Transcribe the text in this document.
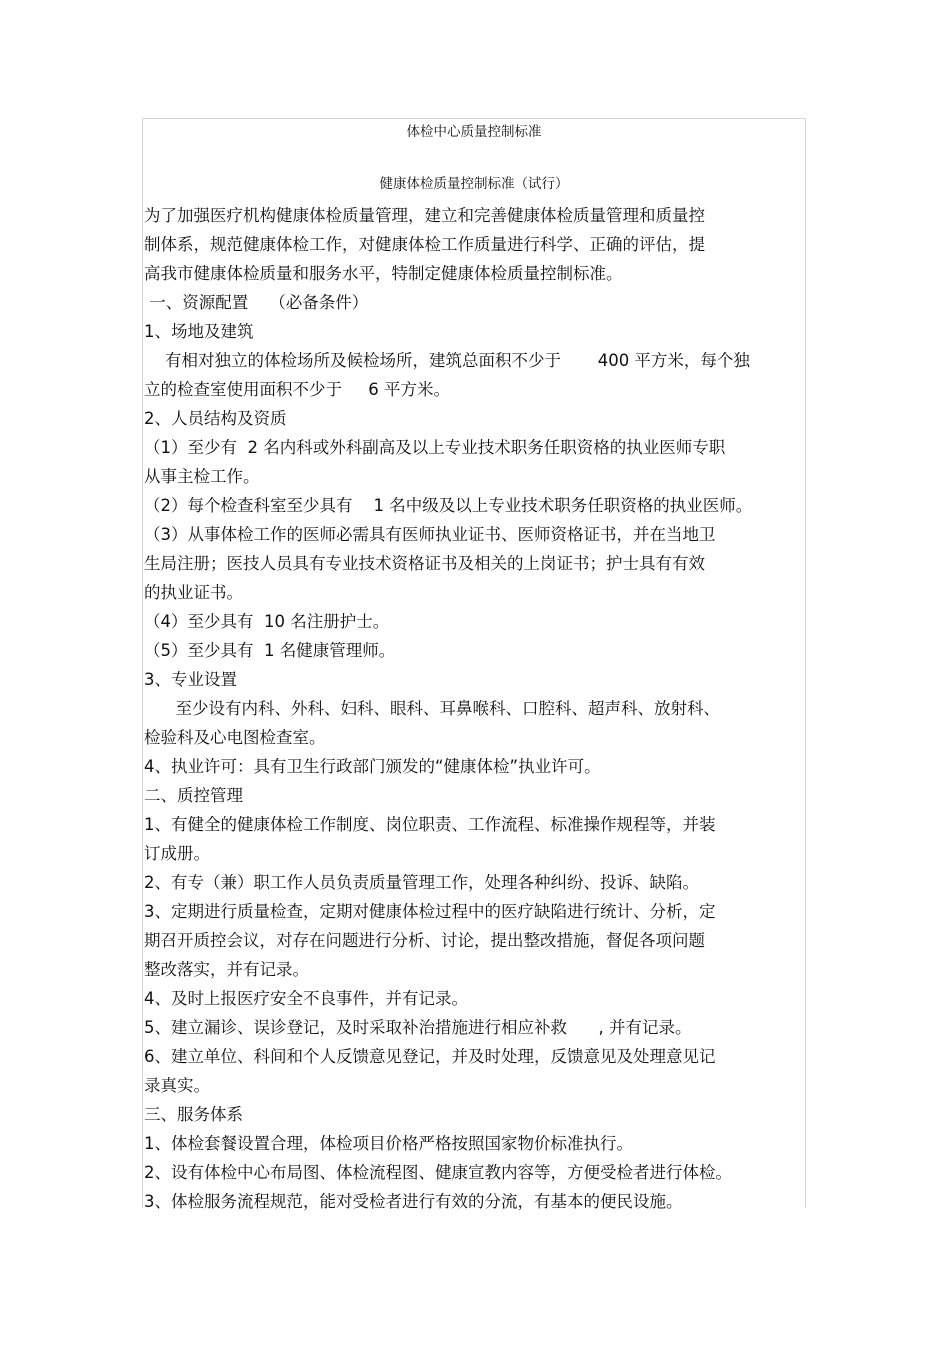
体检中心质量控制标准
健康体检质量控制标准（试行）
为了加强医疗机构健康体检质量管理，建立和完善健康体检质量管理和质量控
制体系，规范健康体检工作，对健康体检工作质量进行科学、正确的评估，提
高我市健康体检质量和服务水平，特制定健康体检质量控制标准。
一、资源配置    （必备条件）
1、场地及建筑
有相对独立的体检场所及候检场所，建筑总面积不少于       400 平方米，每个独
立的检查室使用面积不少于     6 平方米。
2、人员结构及资质
（1）至少有  2 名内科或外科副高及以上专业技术职务任职资格的执业医师专职
从事主检工作。
（2）每个检查科室至少具有    1 名中级及以上专业技术职务任职资格的执业医师。
（3）从事体检工作的医师必需具有医师执业证书、医师资格证书，并在当地卫
生局注册；医技人员具有专业技术资格证书及相关的上岗证书；护士具有有效
的执业证书。
（4）至少具有  10 名注册护士。
（5）至少具有  1 名健康管理师。
3、专业设置
至少设有内科、外科、妇科、眼科、耳鼻喉科、口腔科、超声科、放射科、
检验科及心电图检查室。
4、执业许可：具有卫生行政部门颁发的“健康体检”执业许可。
二、质控管理
1、有健全的健康体检工作制度、岗位职责、工作流程、标准操作规程等，并装
订成册。
2、有专（兼）职工作人员负责质量管理工作，处理各种纠纷、投诉、缺陷。
3、定期进行质量检查，定期对健康体检过程中的医疗缺陷进行统计、分析，定
期召开质控会议，对存在问题进行分析、讨论，提出整改措施，督促各项问题
整改落实，并有记录。
4、及时上报医疗安全不良事件，并有记录。
5、建立漏诊、误诊登记，及时采取补治措施进行相应补救      , 并有记录。
6、建立单位、科间和个人反馈意见登记，并及时处理，反馈意见及处理意见记
录真实。
三、服务体系
1、体检套餐设置合理，体检项目价格严格按照国家物价标准执行。
2、设有体检中心布局图、体检流程图、健康宣教内容等，方便受检者进行体检。
3、体检服务流程规范，能对受检者进行有效的分流，有基本的便民设施。
